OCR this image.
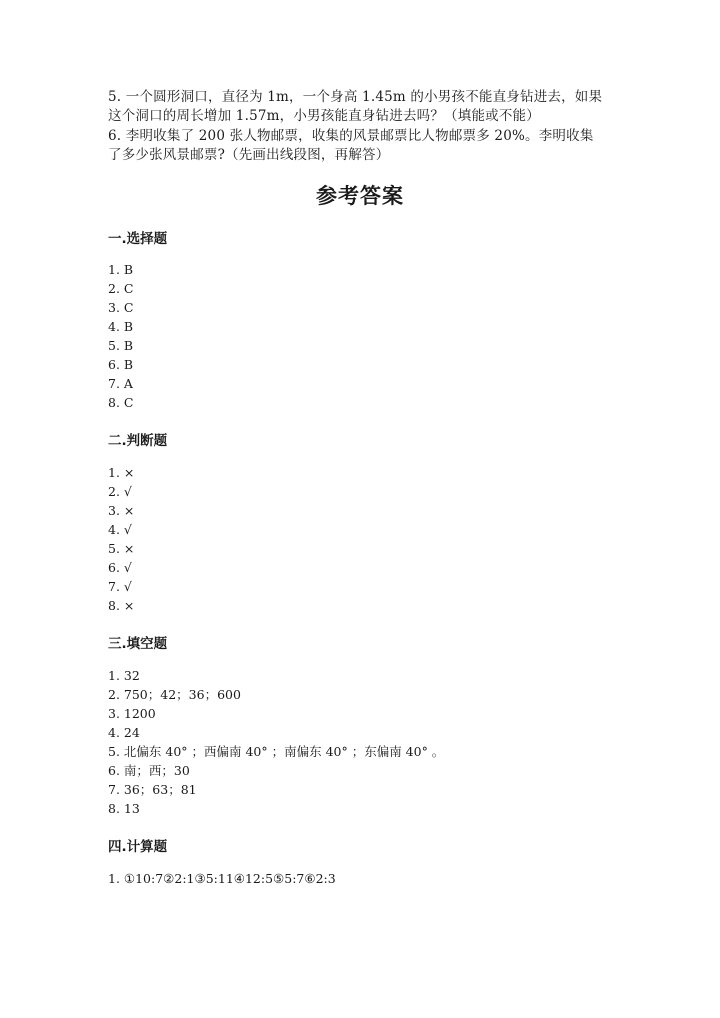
5. 一个圆形洞口，直径为 1m，一个身高 1.45m 的小男孩不能直身钻进去，如果
这个洞口的周长增加 1.57m，小男孩能直身钻进去吗？（填能或不能）
6. 李明收集了 200 张人物邮票，收集的风景邮票比人物邮票多 20%。李明收集
了多少张风景邮票?（先画出线段图，再解答）
参考答案
一.选择题
1. B
2. C
3. C
4. B
5. B
6. B
7. A
8. C
二.判断题
1. ×
2. √
3. ×
4. √
5. ×
6. √
7. √
8. ×
三.填空题
1. 32
2. 750；42；36；600
3. 1200
4. 24
5. 北偏东 40° ；西偏南 40° ；南偏东 40° ；东偏南 40° 。
6. 南；西；30
7. 36；63；81
8. 13
四.计算题
1. ①10:7②2:1③5:11④12:5⑤5:7⑥2:3
